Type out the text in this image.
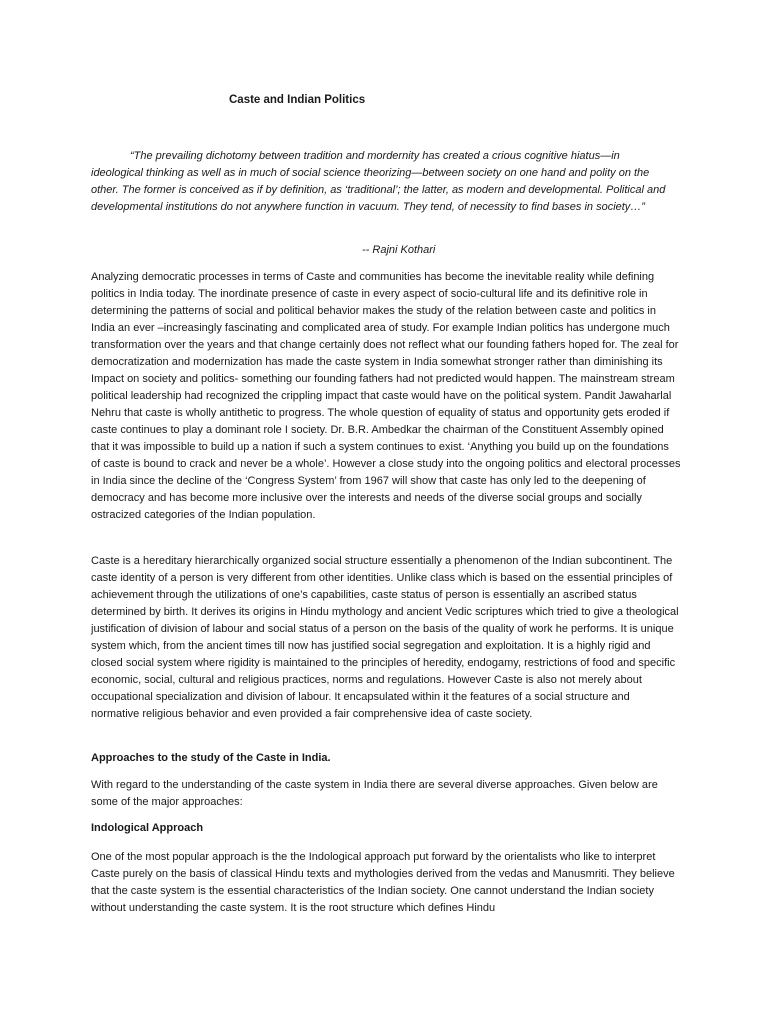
Caste and Indian Politics
“The prevailing dichotomy between tradition and mordernity has created a crious cognitive hiatus—in ideological thinking as well as in much of social science theorizing—between society on one hand and polity on the other. The former is conceived as if by definition, as ‘traditional’; the latter, as modern and developmental. Political and developmental institutions do not anywhere function in vacuum. They tend, of necessity to find bases in society…”
-- Rajni Kothari

Analyzing democratic processes in terms of Caste and communities has become the inevitable reality while defining politics in India today. The inordinate presence of caste in every aspect of socio-cultural life and its definitive role in determining the patterns of social and political behavior makes the study of the relation between caste and politics in India an ever –increasingly fascinating and complicated area of study. For example Indian politics has undergone much transformation over the years and that change certainly does not reflect what our founding fathers hoped for. The zeal for democratization and modernization has made the caste system in India somewhat stronger rather than diminishing its Impact on society and politics- something our founding fathers had not predicted would happen. The mainstream stream political leadership had recognized the crippling impact that caste would have on the political system. Pandit Jawaharlal Nehru that caste is wholly antithetic to progress. The whole question of equality of status and opportunity gets eroded if caste continues to play a dominant role I society. Dr. B.R. Ambedkar the chairman of the Constituent Assembly opined that it was impossible to build up a nation if such a system continues to exist. ‘Anything you build up on the foundations of caste is bound to crack and never be a whole’. However a close study into the ongoing politics and electoral processes in India since the decline of the ‘Congress System’ from 1967 will show that caste has only led to the deepening of democracy and has become more inclusive over the interests and needs of the diverse social groups and socially ostracized categories of the Indian population.

Caste is a hereditary hierarchically organized social structure essentially a phenomenon of the Indian subcontinent. The caste identity of a person is very different from other identities. Unlike class which is based on the essential principles of achievement through the utilizations of one’s capabilities, caste status of person is essentially an ascribed status determined by birth. It derives its origins in Hindu mythology and ancient Vedic scriptures which tried to give a theological justification of division of labour and social status of a person on the basis of the quality of work he performs. It is unique system which, from the ancient times till now has justified social segregation and exploitation. It is a highly rigid and closed social system where rigidity is maintained to the principles of heredity, endogamy, restrictions of food and specific economic, social, cultural and religious practices, norms and regulations. However Caste is also not merely about occupational specialization and division of labour. It encapsulated within it the features of a social structure and normative religious behavior and even provided a fair comprehensive idea of caste society.

Approaches to the study of the Caste in India.

With regard to the understanding of the caste system in India there are several diverse approaches. Given below are some of the major approaches:

Indological Approach

One of the most popular approach is the the Indological approach put forward by the orientalists who like to interpret Caste purely on the basis of classical Hindu texts and mythologies derived from the vedas and Manusmriti. They believe that the caste system is the essential characteristics of the Indian society. One cannot understand the Indian society without understanding the caste system. It is the root structure which defines Hindu
